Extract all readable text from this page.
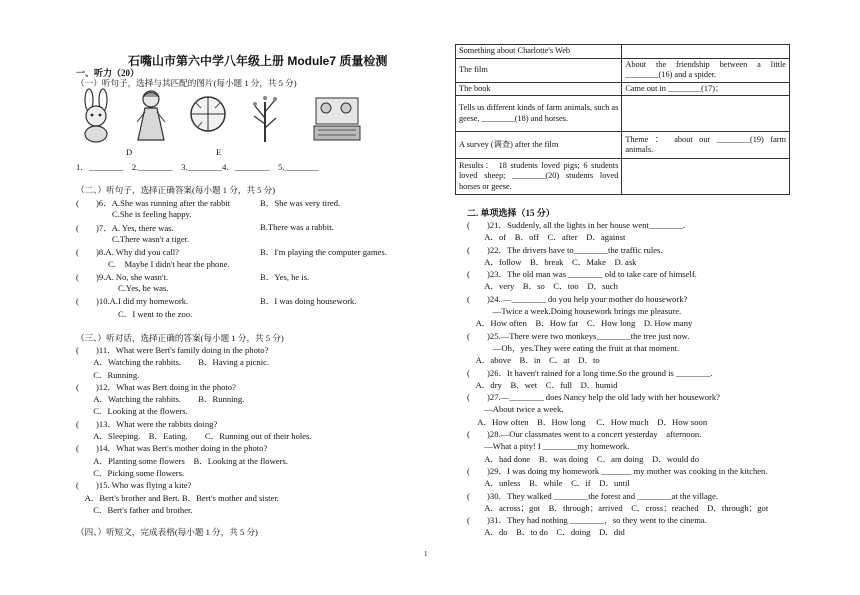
石嘴山市第六中学八年级上册 Module7 质量检测
一、听力（20）
（一）听句子，选择与其匹配的图片(每小题 1 分，共 5 分)
D	E
1．________　2.________　3.________4．________　5.________
（二、）听句子，选择正确答案(每小题 1 分，共 5 分)
(　　)6．A.She was running after the rabbit	B．She was very tired.
C.She is feeling happy.
(　　)7．A. Yes, there was.	B.There was a rabbit.
C.There wasn't a tiger.
(　　)8.A. Why did you call?	B．I'm playing the computer games.
C.　Maybe I didn't hear the phone.
(　　)9.A. No, she wasn't.	B．Yes, he is.
C.Yes, he was.
(　　)10.A.I did my homework.	B．I was doing housework.
C．I went to the zoo.
（三、）听对话，选择正确的答案(每小题 1 分，共 5 分)
(　　)11．What were Bert's family doing in the photo?
　　A．Watching the rabbits.　　B．Having a picnic.
　　C．Running.
(　　)12．What was Bert doing in the photo?
　　A．Watching the rabbits.　　B．Running.
　　C．Looking at the flowers.
(　　)13．What were the rabbits doing?
　　A．Sleeping.　B．Eating.　　C．Running out of their holes.
(　　)14．What was Bert's mother doing in the photo?
　　A．Planting some flowers　B．Looking at the flowers.
　　C．Picking some flowers.
(　　)15. Who was flying a kite?
　A．Bert's brother and Bert. B．Bert's mother and sister.
　　C．Bert's father and brother.
（四、）听短文，完成表格(每小题 1 分，共 5 分)
Something about Charlotte's Web	
The film	About the friendship between a little ________(16) and a spider.
The book	Came out in ________(17)；
Tells us different kinds of farm animals, such as geese, ________(18) and horses.	
A survey (调查) after the film	Theme ： about our ________(19) farm animals.
Results： 18 students loved pigs; 6 students loved sheep; ________(20) students loved horses or geese.	
二. 单项选择（15 分）
(　　)21．Suddenly, all the lights in her house went________.
　　A．of　B．off　C．after　D．against
(　　)22．The drivers have to________the traffic rules.
　　A．follow　B．break　C．Make　D. ask
(　　)23．The old man was ________ old to take care of himself.
　　A．very　B．so　C．too　D．such
(　　)24. —________ do you help your mother do housework?
　　　—Twice a week.Doing housework brings me pleasure.
　A．How often　B．How far　C．How long　D. How many
(　　)25.—There were two monkeys________the tree just now.
　　　—Oh，yes.They were eating the fruit at that moment.
　A．above　B．in　C．at　D．to
(　　)26．It haven't rained for a long time.So the ground is ________.
　A．dry　B．wet　C．full　D．humid
(　　)27.—________ does Nancy help the old lady with her housework?
　　—About twice a week.
　 A．How often　B．How long　 C．How much　D．How soon
(　　)28.—Our classmates went to a concert yesterday　afternoon.
　　—What a pity! I ________my homework.
　　A．had done　B．was doing　C．am doing　D．would do
(　　)29．I was doing my homework _______ my mother was cooking in the kitchen.
　　A．unless　B．while　C．if　D．until
(　　)30．They walked ________the forest and ________at the village.
　　A．across；got　B．through；arrived　C．cross；reached　D．through；got
(　　)31．They had nothing ________，so they went to the cinema.
　　A．do　B．to do　C．doing　D．did
1
